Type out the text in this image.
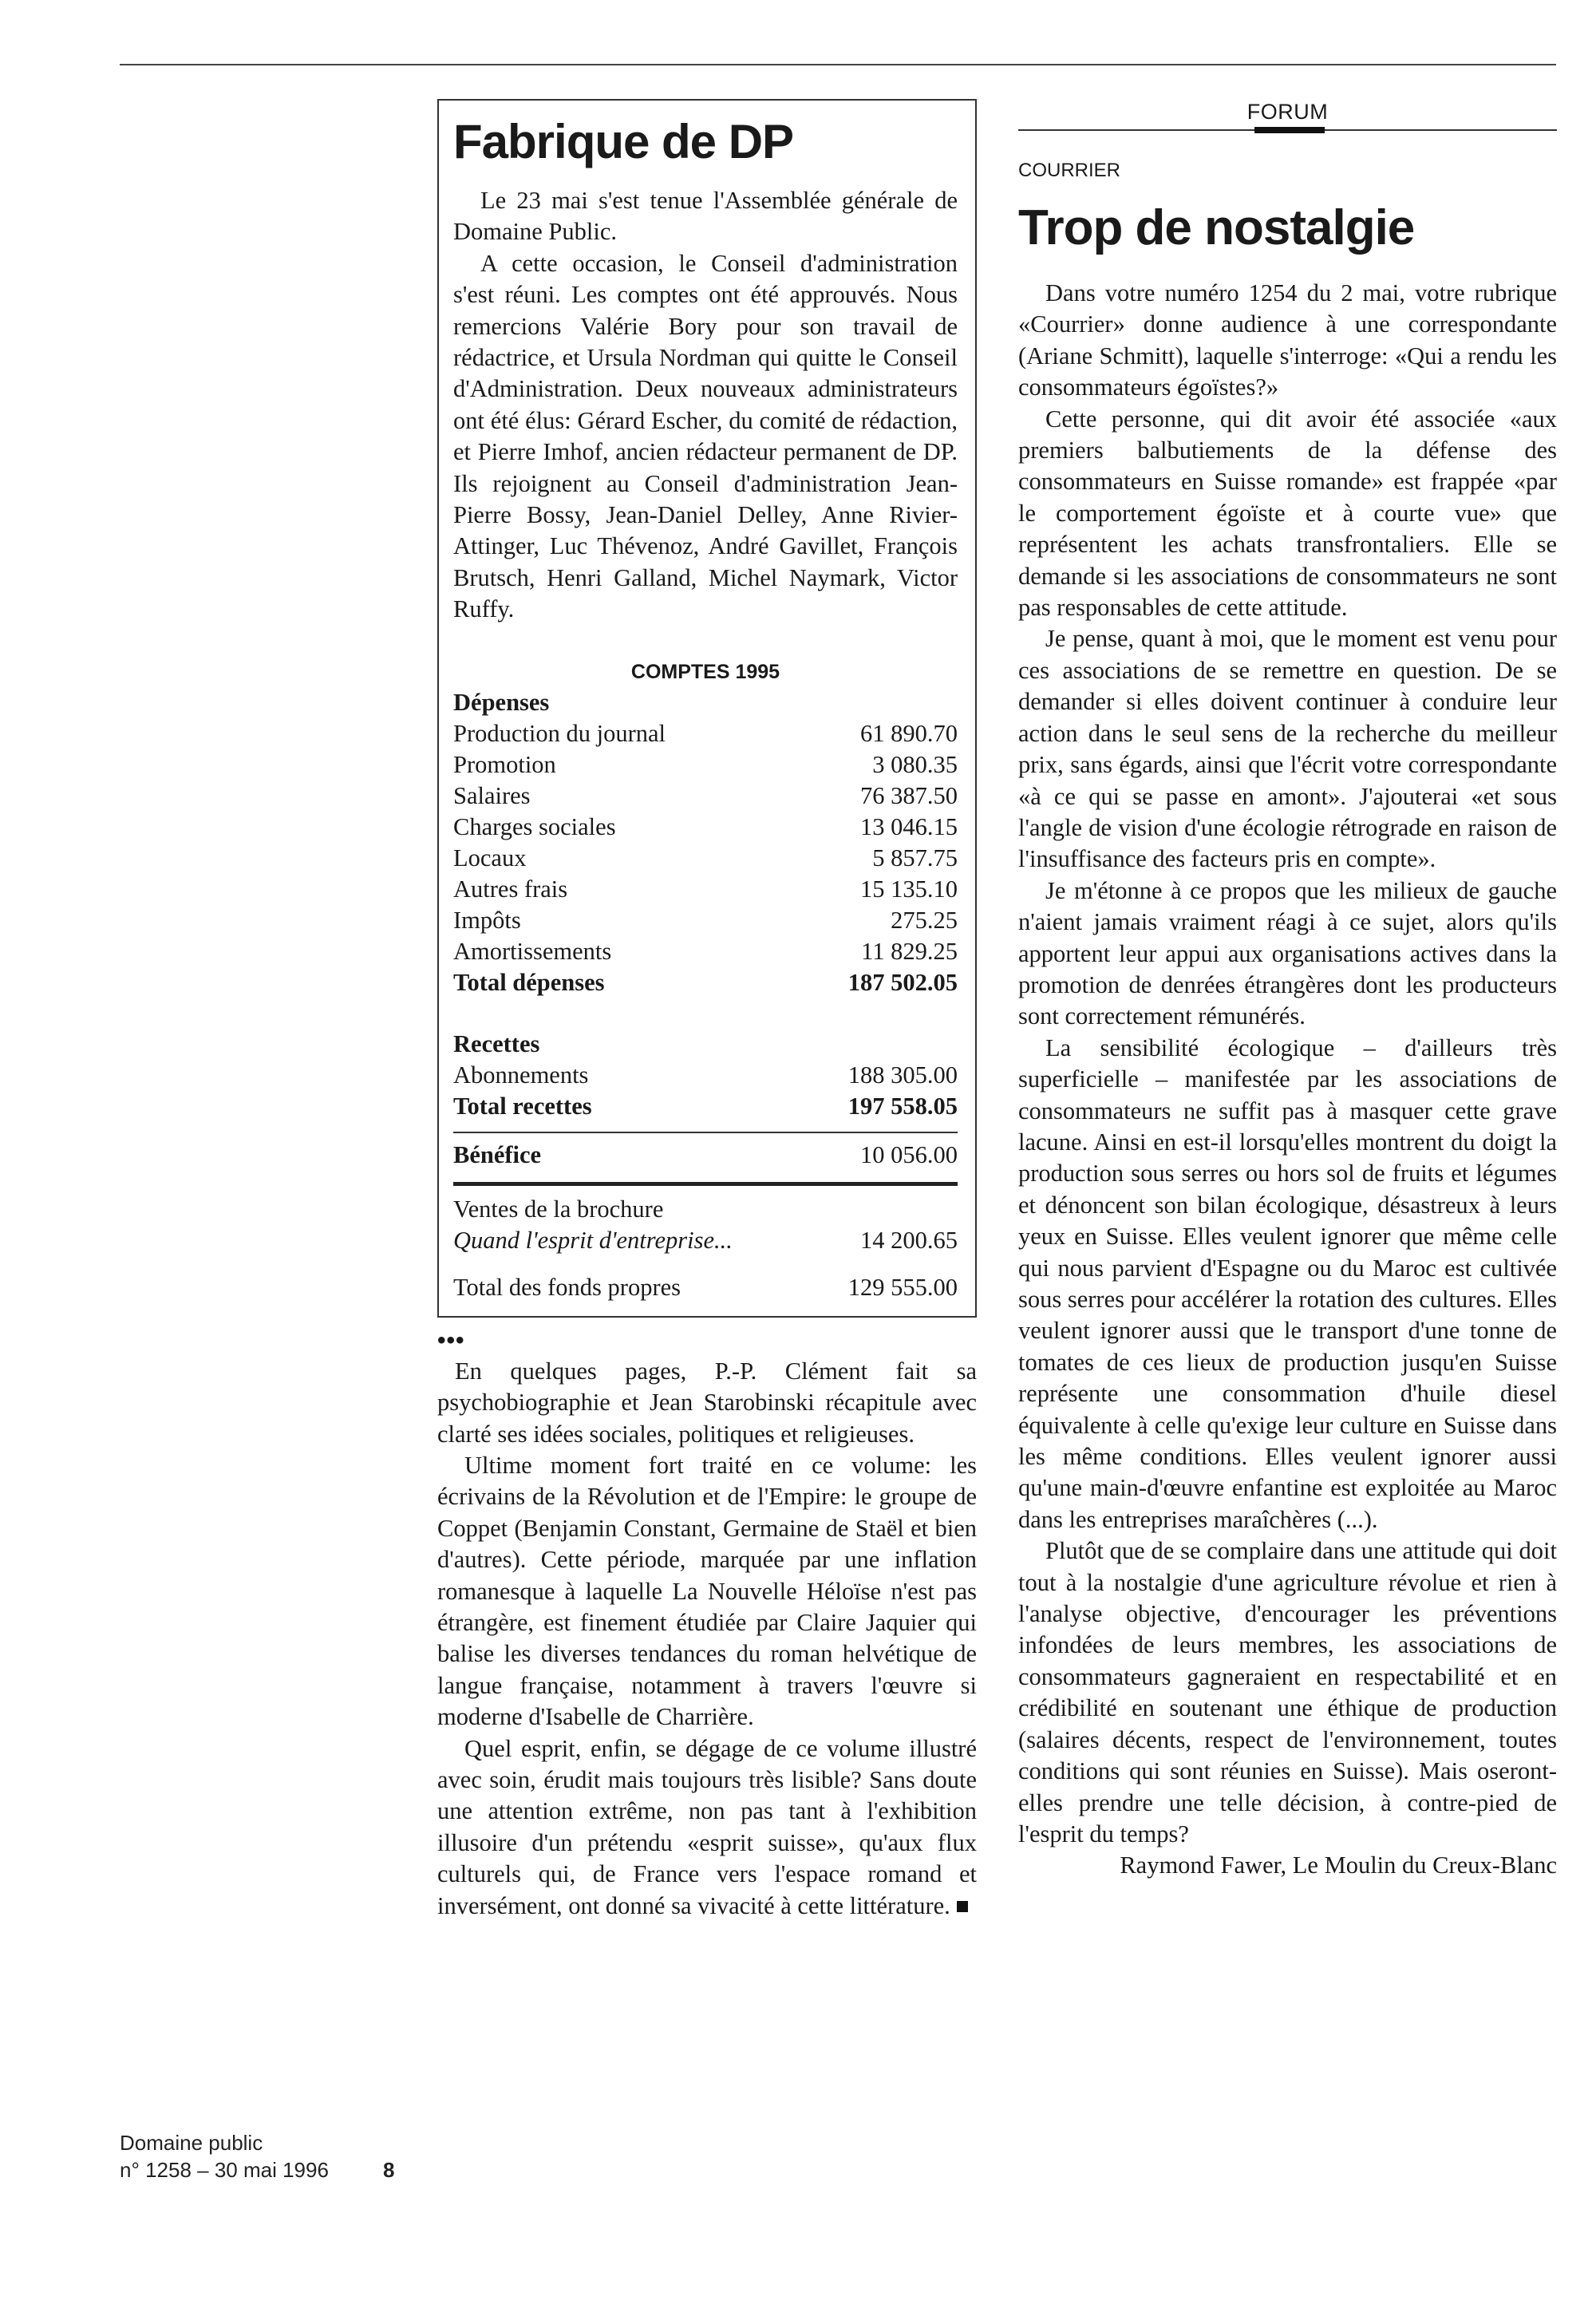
Fabrique de DP

Le 23 mai s'est tenue l'Assemblée générale de Domaine Public.

A cette occasion, le Conseil d'administration s'est réuni. Les comptes ont été approuvés. Nous remercions Valérie Bory pour son travail de rédactrice, et Ursula Nordman qui quitte le Conseil d'Administration. Deux nouveaux administrateurs ont été élus: Gérard Escher, du comité de rédaction, et Pierre Imhof, ancien rédacteur permanent de DP. Ils rejoignent au Conseil d'administration Jean-Pierre Bossy, Jean-Daniel Delley, Anne Rivier-Attinger, Luc Thévenoz, André Gavillet, François Brutsch, Henri Galland, Michel Naymark, Victor Ruffy.

COMPTES 1995
Dépenses
Production du journal	61 890.70
Promotion	3 080.35
Salaires	76 387.50
Charges sociales	13 046.15
Locaux	5 857.75
Autres frais	15 135.10
Impôts	275.25
Amortissements	11 829.25
Total dépenses	187 502.05
Recettes
Abonnements	188 305.00
Total recettes	197 558.05
Bénéfice	10 056.00
Ventes de la brochure
Quand l'esprit d'entreprise...	14 200.65
Total des fonds propres	129 555.00
•••

En quelques pages, P.-P. Clément fait sa psychobiographie et Jean Starobinski récapitule avec clarté ses idées sociales, politiques et religieuses.

Ultime moment fort traité en ce volume: les écrivains de la Révolution et de l'Empire: le groupe de Coppet (Benjamin Constant, Germaine de Staël et bien d'autres). Cette période, marquée par une inflation romanesque à laquelle La Nouvelle Héloïse n'est pas étrangère, est finement étudiée par Claire Jaquier qui balise les diverses tendances du roman helvétique de langue française, notamment à travers l'œuvre si moderne d'Isabelle de Charrière.

Quel esprit, enfin, se dégage de ce volume illustré avec soin, érudit mais toujours très lisible? Sans doute une attention extrême, non pas tant à l'exhibition illusoire d'un prétendu «esprit suisse», qu'aux flux culturels qui, de France vers l'espace romand et inversément, ont donné sa vivacité à cette littérature.

FORUM
COURRIER
Trop de nostalgie

Dans votre numéro 1254 du 2 mai, votre rubrique «Courrier» donne audience à une correspondante (Ariane Schmitt), laquelle s'interroge: «Qui a rendu les consommateurs égoïstes?»

Cette personne, qui dit avoir été associée «aux premiers balbutiements de la défense des consommateurs en Suisse romande» est frappée «par le comportement égoïste et à courte vue» que représentent les achats transfrontaliers. Elle se demande si les associations de consommateurs ne sont pas responsables de cette attitude.

Je pense, quant à moi, que le moment est venu pour ces associations de se remettre en question. De se demander si elles doivent continuer à conduire leur action dans le seul sens de la recherche du meilleur prix, sans égards, ainsi que l'écrit votre correspondante «à ce qui se passe en amont». J'ajouterai «et sous l'angle de vision d'une écologie rétrograde en raison de l'insuffisance des facteurs pris en compte».

Je m'étonne à ce propos que les milieux de gauche n'aient jamais vraiment réagi à ce sujet, alors qu'ils apportent leur appui aux organisations actives dans la promotion de denrées étrangères dont les producteurs sont correctement rémunérés.

La sensibilité écologique – d'ailleurs très superficielle – manifestée par les associations de consommateurs ne suffit pas à masquer cette grave lacune. Ainsi en est-il lorsqu'elles montrent du doigt la production sous serres ou hors sol de fruits et légumes et dénoncent son bilan écologique, désastreux à leurs yeux en Suisse. Elles veulent ignorer que même celle qui nous parvient d'Espagne ou du Maroc est cultivée sous serres pour accélérer la rotation des cultures. Elles veulent ignorer aussi que le transport d'une tonne de tomates de ces lieux de production jusqu'en Suisse représente une consommation d'huile diesel équivalente à celle qu'exige leur culture en Suisse dans les même conditions. Elles veulent ignorer aussi qu'une main-d'œuvre enfantine est exploitée au Maroc dans les entreprises maraîchères (...).

Plutôt que de se complaire dans une attitude qui doit tout à la nostalgie d'une agriculture révolue et rien à l'analyse objective, d'encourager les préventions infondées de leurs membres, les associations de consommateurs gagneraient en respectabilité et en crédibilité en soutenant une éthique de production (salaires décents, respect de l'environnement, toutes conditions qui sont réunies en Suisse). Mais oseront-elles prendre une telle décision, à contre-pied de l'esprit du temps?

Raymond Fawer, Le Moulin du Creux-Blanc
Domaine public
n° 1258 – 30 mai 1996	8
